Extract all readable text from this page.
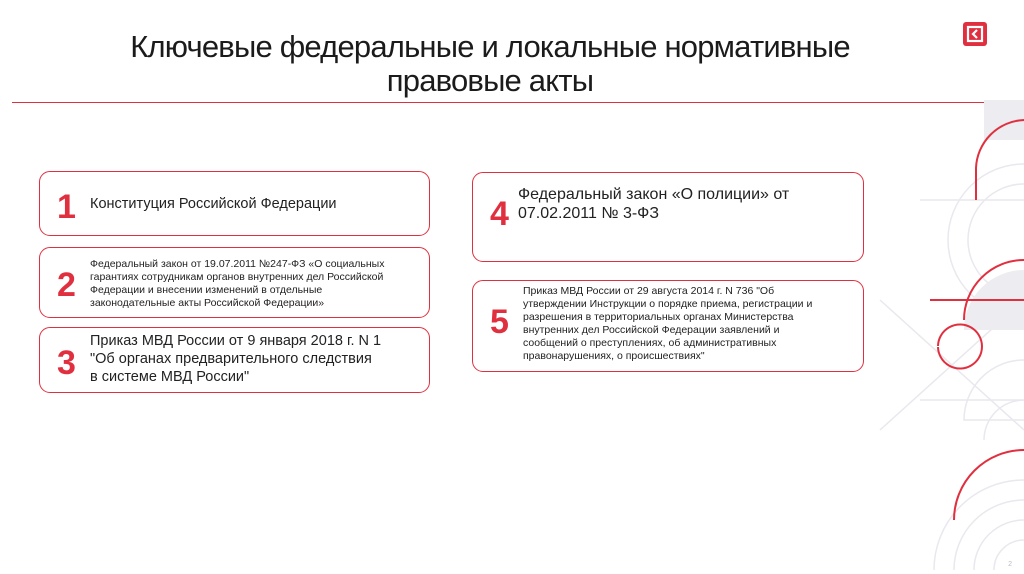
Ключевые федеральные и локальные нормативные
правовые акты
1 Конституция Российской Федерации
2
Федеральный закон от 19.07.2011 №247-ФЗ «О социальных
гарантиях сотрудникам органов внутренних дел Российской
Федерации и внесении изменений в отдельные
законодательные акты Российской Федерации»
3
Приказ МВД России от 9 января 2018 г. N 1
"Об органах предварительного следствия
в системе МВД России"
4
Федеральный закон «О полиции» от
07.02.2011 № 3-ФЗ
5
Приказ МВД России от 29 августа 2014 г. N 736 "Об
утверждении Инструкции о порядке приема, регистрации и
разрешения в территориальных органах Министерства
внутренних дел Российской Федерации заявлений и
сообщений о преступлениях, об административных
правонарушениях, о происшествиях"
2
